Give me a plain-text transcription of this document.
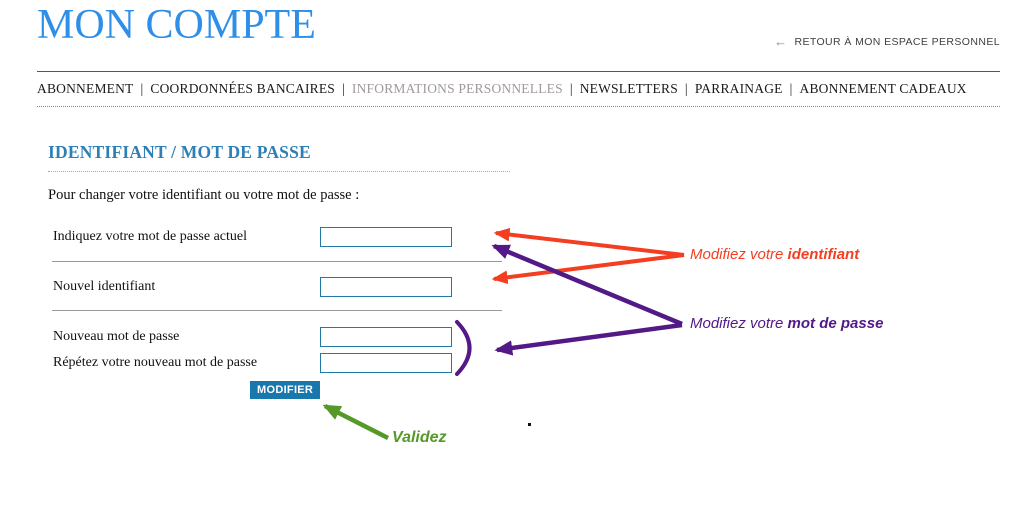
MON COMPTE	← RETOUR À MON ESPACE PERSONNEL
ABONNEMENT | COORDONNÉES BANCAIRES | INFORMATIONS PERSONNELLES | NEWSLETTERS | PARRAINAGE | ABONNEMENT CADEAUX
IDENTIFIANT / MOT DE PASSE

Pour changer votre identifiant ou votre mot de passe :

Indiquez votre mot de passe actuel
Nouvel identifiant
Nouveau mot de passe
Répétez votre nouveau mot de passe
MODIFIER
Modifiez votre identifiant
Modifiez votre mot de passe
Validez
